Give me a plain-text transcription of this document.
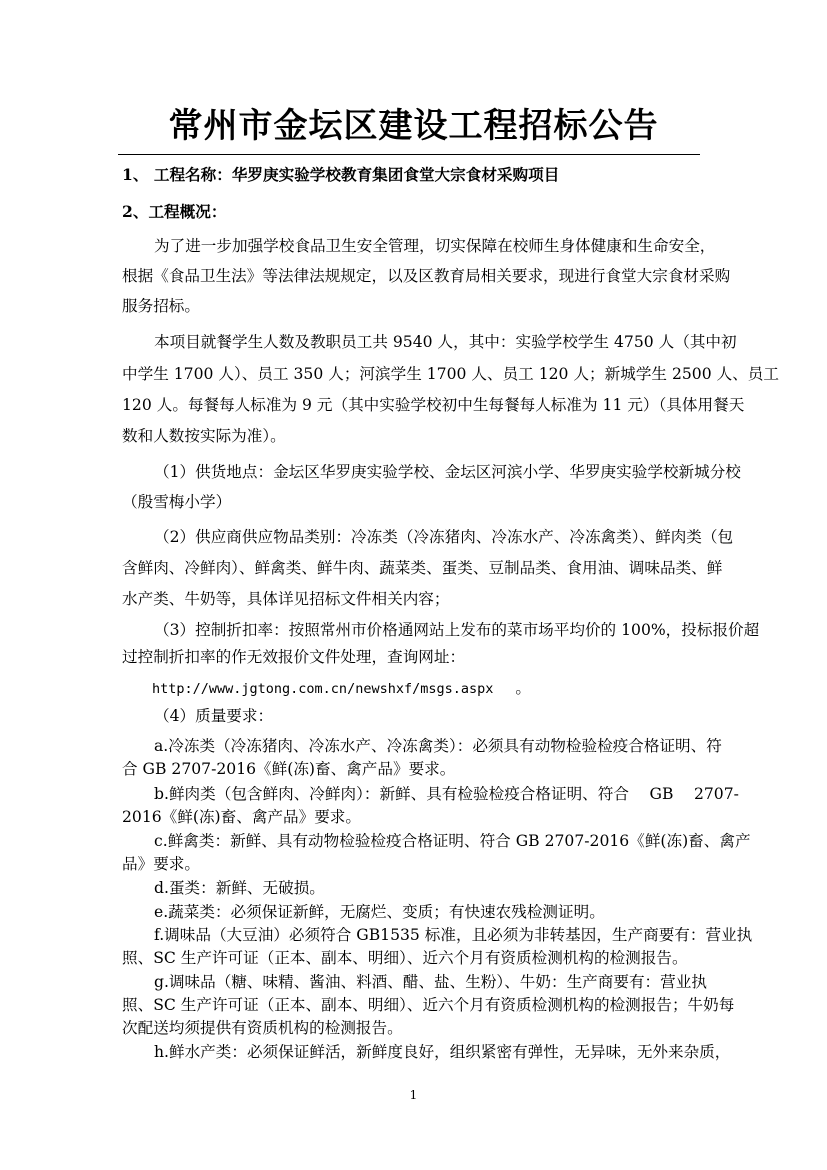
常州市金坛区建设工程招标公告
1、 工程名称：华罗庚实验学校教育集团食堂大宗食材采购项目
2、工程概况：
为了进一步加强学校食品卫生安全管理，切实保障在校师生身体健康和生命安全，
根据《食品卫生法》等法律法规规定，以及区教育局相关要求，现进行食堂大宗食材采购
服务招标。
本项目就餐学生人数及教职员工共 9540 人，其中：实验学校学生 4750 人（其中初
中学生 1700 人）、员工 350 人；河滨学生 1700 人、员工 120 人；新城学生 2500 人、员工
120 人。每餐每人标准为 9 元（其中实验学校初中生每餐每人标准为 11 元）（具体用餐天
数和人数按实际为准）。
（1）供货地点：金坛区华罗庚实验学校、金坛区河滨小学、华罗庚实验学校新城分校
（殷雪梅小学）
（2）供应商供应物品类别：冷冻类（冷冻猪肉、冷冻水产、冷冻禽类）、鲜肉类（包
含鲜肉、冷鲜肉）、鲜禽类、鲜牛肉、蔬菜类、蛋类、豆制品类、食用油、调味品类、鲜
水产类、牛奶等，具体详见招标文件相关内容；
（3）控制折扣率：按照常州市价格通网站上发布的菜市场平均价的 100%，投标报价超
过控制折扣率的作无效报价文件处理，查询网址：
http://www.jgtong.com.cn/newshxf/msgs.aspx 。
（4）质量要求：
a.冷冻类（冷冻猪肉、冷冻水产、冷冻禽类）：必须具有动物检验检疫合格证明、符
合 GB 2707-2016《鲜(冻)畜、禽产品》要求。
b.鲜肉类（包含鲜肉、冷鲜肉）：新鲜、具有检验检疫合格证明、符合　 GB　 2707-
2016《鲜(冻)畜、禽产品》要求。
c.鲜禽类：新鲜、具有动物检验检疫合格证明、符合 GB 2707-2016《鲜(冻)畜、禽产
品》要求。
d.蛋类：新鲜、无破损。
e.蔬菜类：必须保证新鲜，无腐烂、变质；有快速农残检测证明。
f.调味品（大豆油）必须符合 GB1535 标准，且必须为非转基因，生产商要有：营业执
照、SC 生产许可证（正本、副本、明细）、近六个月有资质检测机构的检测报告。
g.调味品（糖、味精、酱油、料酒、醋、盐、生粉）、牛奶：生产商要有：营业执
照、SC 生产许可证（正本、副本、明细）、近六个月有资质检测机构的检测报告；牛奶每
次配送均须提供有资质机构的检测报告。
h.鲜水产类：必须保证鲜活，新鲜度良好，组织紧密有弹性，无异味，无外来杂质，
1
